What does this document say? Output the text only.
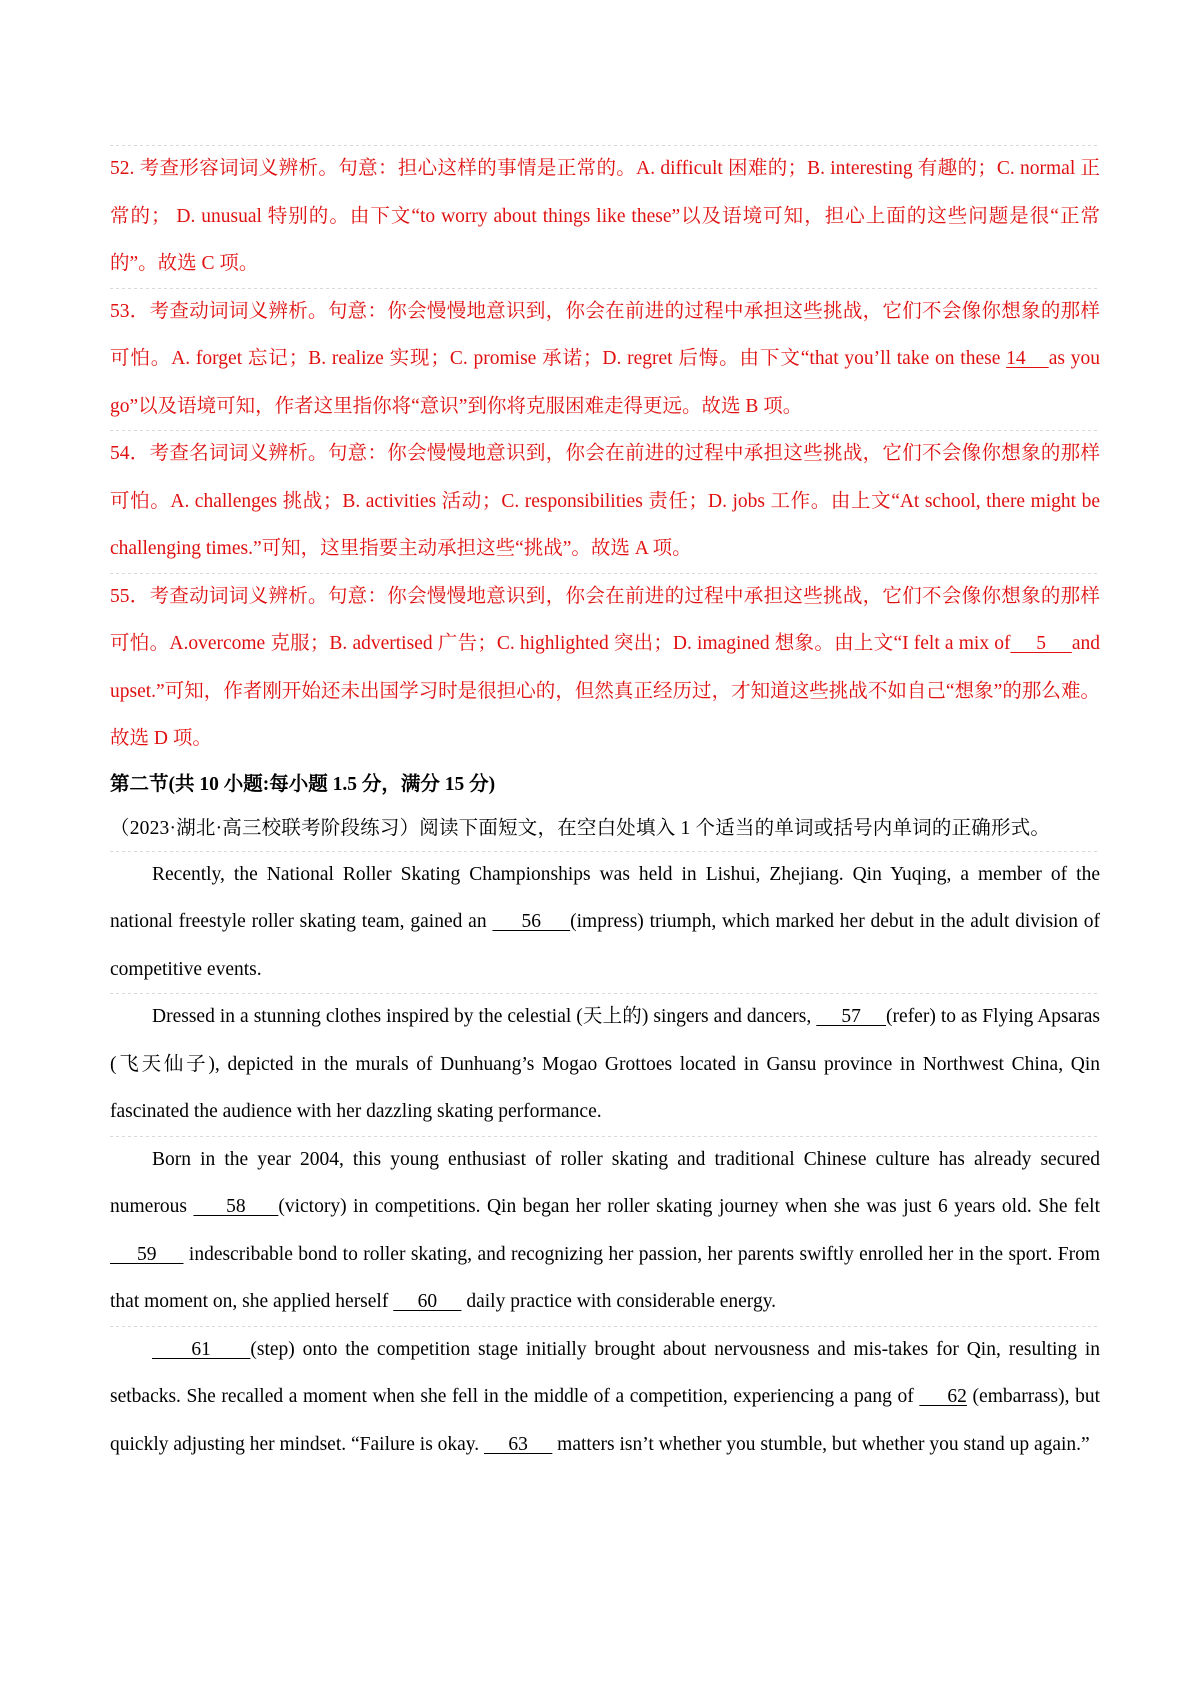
52. 考查形容词词义辨析。句意：担心这样的事情是正常的。A. difficult 困难的；B. interesting 有趣的；C. normal 正常的； D. unusual 特别的。由下文“to worry about things like these”以及语境可知，担心上面的这些问题是很“正常的”。故选 C 项。
53．考查动词词义辨析。句意：你会慢慢地意识到，你会在前进的过程中承担这些挑战，它们不会像你想象的那样可怕。A. forget 忘记；B. realize 实现；C. promise 承诺；D. regret 后悔。由下文“that you’ll take on these 14    as you go”以及语境可知，作者这里指你将“意识”到你将克服困难走得更远。故选 B 项。
54．考查名词词义辨析。句意：你会慢慢地意识到，你会在前进的过程中承担这些挑战，它们不会像你想象的那样可怕。A. challenges 挑战；B. activities 活动；C. responsibilities 责任；D. jobs 工作。由上文“At school, there might be challenging times.”可知，这里指要主动承担这些“挑战”。故选 A 项。
55．考查动词词义辨析。句意：你会慢慢地意识到，你会在前进的过程中承担这些挑战，它们不会像你想象的那样可怕。A.overcome 克服；B. advertised 广告；C. highlighted 突出；D. imagined 想象。由上文“I felt a mix of     5     and upset.”可知，作者刚开始还未出国学习时是很担心的，但然真正经历过，才知道这些挑战不如自己“想象”的那么难。故选 D 项。
第二节(共 10 小题:每小题 1.5 分，满分 15 分)
（2023·湖北·高三校联考阶段练习）阅读下面短文，在空白处填入 1 个适当的单词或括号内单词的正确形式。
Recently, the National Roller Skating Championships was held in Lishui, Zhejiang. Qin Yuqing, a member of the national freestyle roller skating team, gained an      56     (impress) triumph, which marked her debut in the adult division of competitive events.
Dressed in a stunning clothes inspired by the celestial (天上的) singers and dancers,      57     (refer) to as Flying Apsaras (飞天仙子), depicted in the murals of Dunhuang’s Mogao Grottoes located in Gansu province in Northwest China, Qin fascinated the audience with her dazzling skating performance.
Born in the year 2004, this young enthusiast of roller skating and traditional Chinese culture has already secured numerous      58     (victory) in competitions. Qin began her roller skating journey when she was just 6 years old. She felt      59      indescribable bond to roller skating, and recognizing her passion, her parents swiftly enrolled her in the sport. From that moment on, she applied herself      60      daily practice with considerable energy.
61     (step) onto the competition stage initially brought about nervousness and mis-takes for Qin, resulting in setbacks. She recalled a moment when she fell in the middle of a competition, experiencing a pang of      62 (embarrass), but quickly adjusting her mindset. “Failure is okay.      63      matters isn’t whether you stumble, but whether you stand up again.”
